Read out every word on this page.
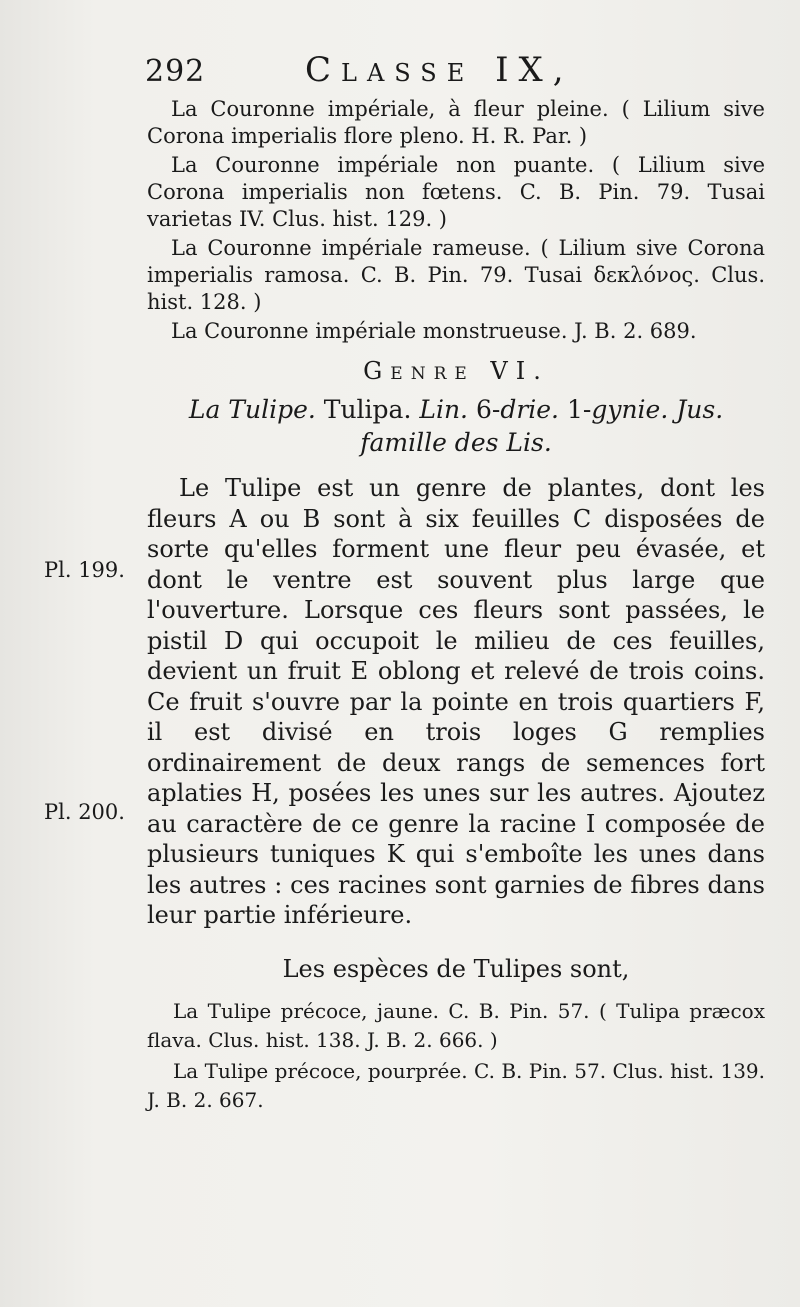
292	Classe IX,
Pl. 199.
Pl. 200.

La Couronne impériale, à fleur pleine. ( Lilium sive Corona imperialis flore pleno. H. R. Par. )

La Couronne impériale non puante. ( Lilium sive Corona imperialis non fœtens. C. B. Pin. 79. Tusai varietas IV. Clus. hist. 129. )

La Couronne impériale rameuse. ( Lilium sive Corona imperialis ramosa. C. B. Pin. 79. Tusai δεκλόνος. Clus. hist. 128. )

La Couronne impériale monstrueuse. J. B. 2. 689.

Genre VI.
La Tulipe. Tulipa. Lin. 6-drie. 1-gynie. Jus.
famille des Lis.

Le Tulipe est un genre de plantes, dont les fleurs A ou B sont à six feuilles C disposées de sorte qu'elles forment une fleur peu évasée, et dont le ventre est souvent plus large que l'ouverture. Lorsque ces fleurs sont passées, le pistil D qui occupoit le milieu de ces feuilles, devient un fruit E oblong et relevé de trois coins. Ce fruit s'ouvre par la pointe en trois quartiers F, il est divisé en trois loges G remplies ordinairement de deux rangs de semences fort aplaties H, posées les unes sur les autres. Ajoutez au caractère de ce genre la racine I composée de plusieurs tuniques K qui s'emboîte les unes dans les autres : ces racines sont garnies de fibres dans leur partie inférieure.

Les espèces de Tulipes sont,

La Tulipe précoce, jaune. C. B. Pin. 57. ( Tulipa præcox flava. Clus. hist. 138. J. B. 2. 666. )

La Tulipe précoce, pourprée. C. B. Pin. 57. Clus. hist. 139. J. B. 2. 667.
